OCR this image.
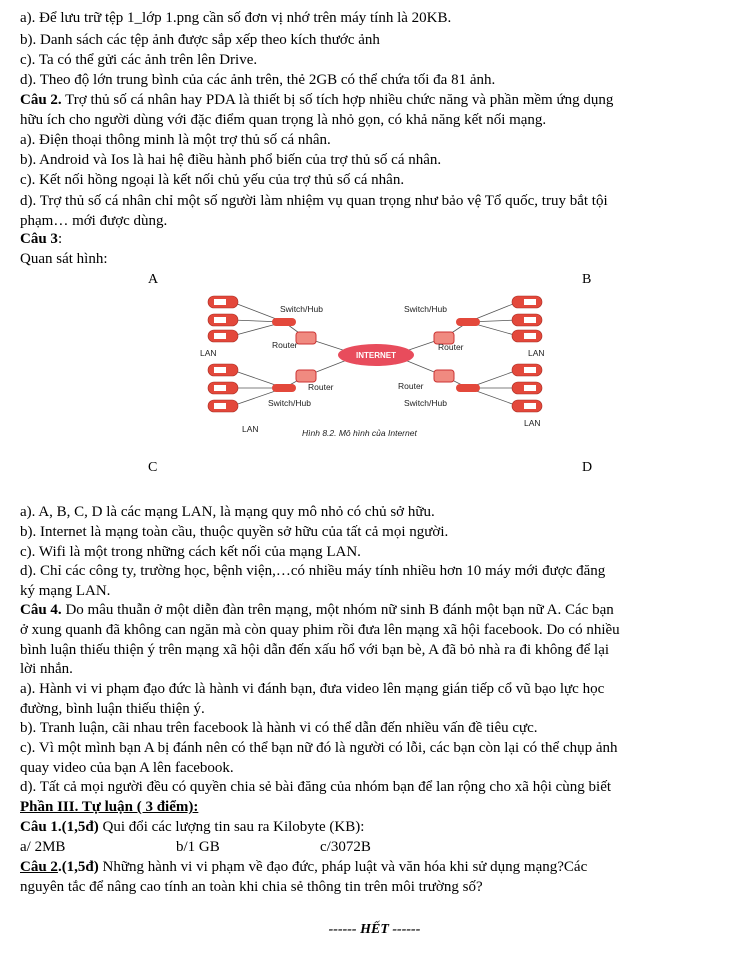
a). Để lưu trữ tệp 1_lớp 1.png cần số đơn vị nhớ trên máy tính là 20KB.
b). Danh sách các tệp ảnh được sắp xếp theo kích thước ảnh
c). Ta có thể gửi các ảnh trên lên Drive.
d). Theo độ lớn trung bình của các ảnh trên, thẻ 2GB có thể chứa tối đa 81 ảnh.
Câu 2. Trợ thủ số cá nhân hay PDA là thiết bị số tích hợp nhiều chức năng và phần mềm ứng dụng
hữu ích cho người dùng với đặc điểm quan trọng là nhỏ gọn, có khả năng kết nối mạng.
a). Điện thoại thông minh là một trợ thủ số cá nhân.
b). Android và Ios là hai hệ điều hành phổ biến của trợ thủ số cá nhân.
c). Kết nối hồng ngoại là kết nối chủ yếu của trợ thủ số cá nhân.
d). Trợ thủ số cá nhân chỉ một số người làm nhiệm vụ quan trọng như bảo vệ Tổ quốc, truy bắt tội
phạm… mới được dùng.
Câu 3:
Quan sát hình:
A	B
C	D
INTERNET
Switch/Hub	Switch/Hub
Router	Router
LAN	LAN
Router	Router
Switch/Hub	Switch/Hub
LAN
LAN
Hình 8.2. Mô hình của Internet
a). A, B, C, D là các mạng LAN, là mạng quy mô nhỏ có chủ sở hữu.
b). Internet là mạng toàn cầu, thuộc quyền sở hữu của tất cả mọi người.
c). Wifi là một trong những cách kết nối của mạng LAN.
d). Chỉ các công ty, trường học, bệnh viện,…có nhiều máy tính nhiều hơn 10 máy mới được đăng
ký mạng LAN.
Câu 4. Do mâu thuẫn ở một diễn đàn trên mạng, một nhóm nữ sinh B đánh một bạn nữ A. Các bạn
ở xung quanh đã không can ngăn mà còn quay phim rồi đưa lên mạng xã hội facebook. Do có nhiều
bình luận thiếu thiện ý trên mạng xã hội dẫn đến xấu hổ với bạn bè, A đã bỏ nhà ra đi không để lại
lời nhắn.
a). Hành vi vi phạm đạo đức là hành vi đánh bạn, đưa video lên mạng gián tiếp cổ vũ bạo lực học
đường, bình luận thiếu thiện ý.
b). Tranh luận, cãi nhau trên facebook là hành vi có thể dẫn đến nhiều vấn đề tiêu cực.
c). Vì một mình bạn A bị đánh nên có thể bạn nữ đó là người có lỗi, các bạn còn lại có thể chụp ảnh
quay video của bạn A lên facebook.
d). Tất cả mọi người đều có quyền chia sẻ bài đăng của nhóm bạn để lan rộng cho xã hội cùng biết
Phần III. Tự luận ( 3 điểm):
Câu 1.(1,5đ) Qui đổi các lượng tin sau ra Kilobyte (KB):
a/ 2MB	b/1 GB	c/3072B
Câu 2.(1,5đ) Những hành vi vi phạm về đạo đức, pháp luật và văn hóa khi sử dụng mạng?Các
nguyên tắc để nâng cao tính an toàn khi chia sẻ thông tin trên môi trường số?
------ HẾT ------
